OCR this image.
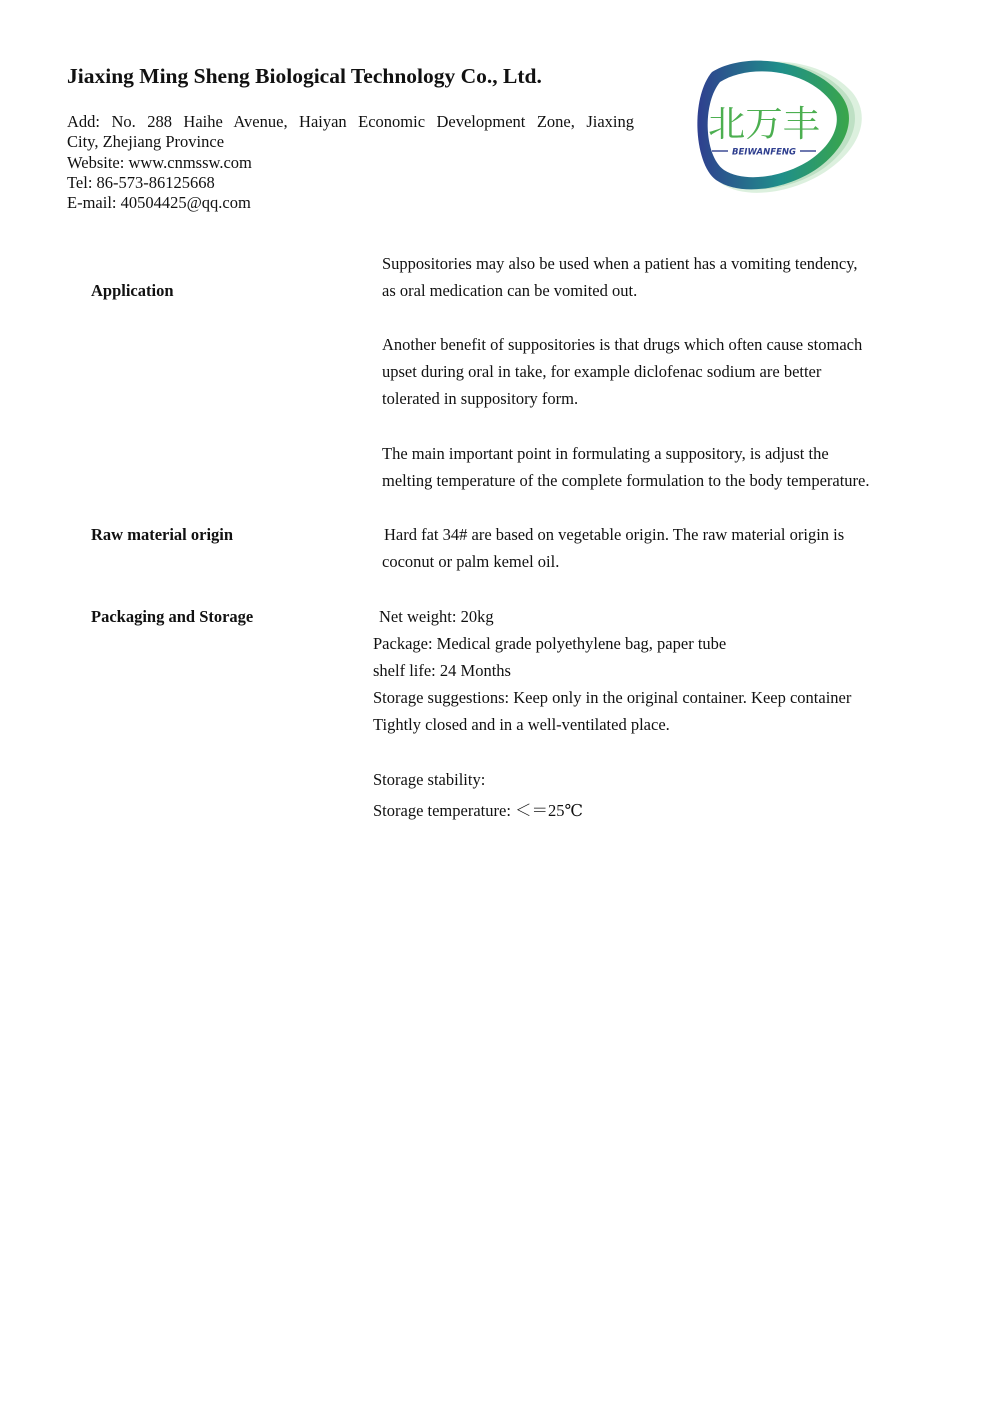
Jiaxing Ming Sheng Biological Technology Co., Ltd.
Add: No. 288 Haihe Avenue, Haiyan Economic Development Zone, Jiaxing
City, Zhejiang Province
Website: www.cnmssw.com
Tel: 86-573-86125668
E-mail: 40504425@qq.com
北万丰
BEIWANFENG
Application
Suppositories may also be used when a patient has a vomiting tendency,
as oral medication can be vomited out.
Another benefit of suppositories is that drugs which often cause stomach
upset during oral in take, for example diclofenac sodium are better
tolerated in suppository form.
The main important point in formulating a suppository, is adjust the
melting temperature of the complete formulation to the body temperature.
Raw material origin	Hard fat 34# are based on vegetable origin. The raw material origin is
coconut or palm kemel oil.
Packaging and Storage	Net weight: 20kg
Package: Medical grade polyethylene bag, paper tube
shelf life: 24 Months
Storage suggestions: Keep only in the original container. Keep container
Tightly closed and in a well-ventilated place.
Storage stability:
Storage temperature: ＜＝25℃
